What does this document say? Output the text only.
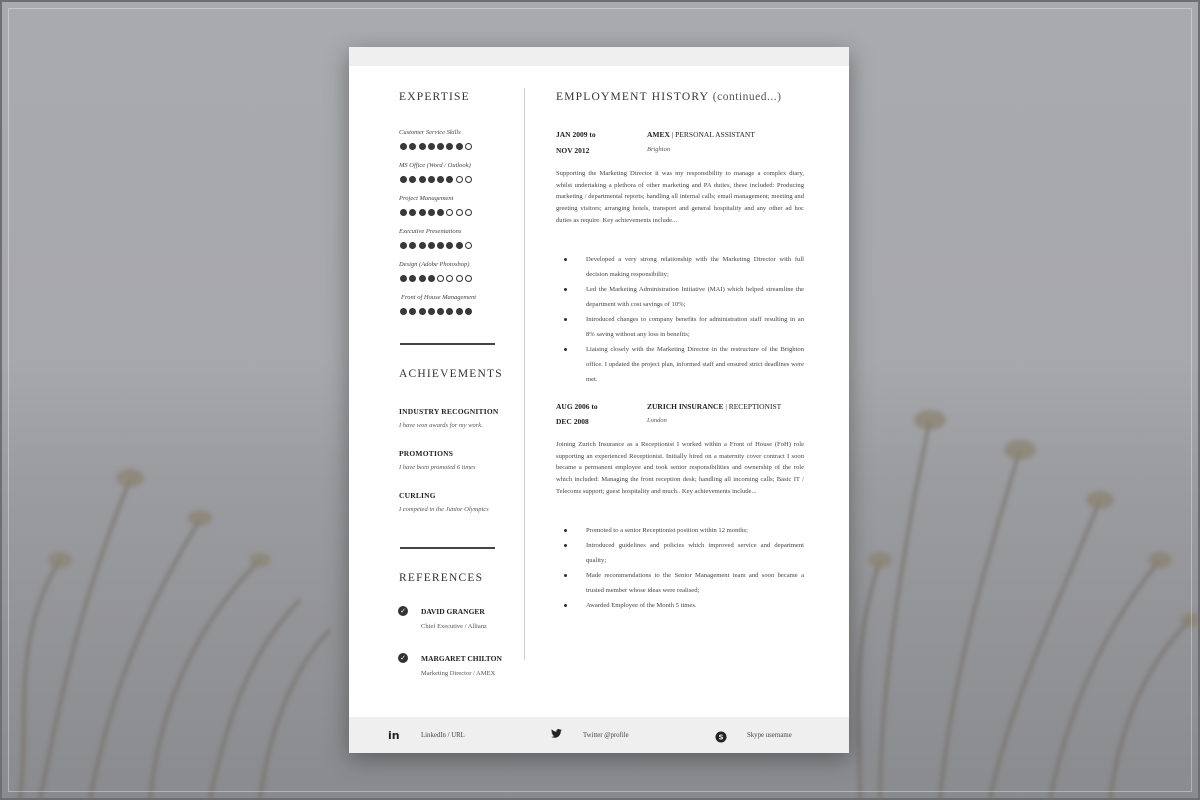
EXPERTISE
Customer Service Skills
MS Office (Word / Outlook)
Project Management
Executive Presentations
Design (Adobe Photoshop)
Front of House Management
ACHIEVEMENTS
INDUSTRY RECOGNITION
I have won awards for my work.
PROMOTIONS
I have been promoted 6 times
CURLING
I competed in the Junior Olympics
REFERENCES
✓ DAVID GRANGER
Chief Executive / Allianz
✓ MARGARET CHILTON
Marketing Director / AMEX
EMPLOYMENT HISTORY (continued...)
JAN 2009 to
NOV 2012
AMEX | PERSONAL ASSISTANT
Brighton

Supporting the Marketing Director it was my responsibility to manage a complex diary, whilst undertaking a plethora of other marketing and PA duties, these included: Producing marketing / departmental reports; handling all internal calls; email management; meeting and greeting visitors; arranging hotels, transport and general hospitality and any other ad hoc duties as require. Key achievements include...

Developed a very strong relationship with the Marketing Director with full decision making responsibility;
Led the Marketing Administration Initiative (MAI) which helped streamline the department with cost savings of 10%;
Introduced changes to company benefits for administration staff resulting in an 8% saving without any loss in benefits;
Liaising closely with the Marketing Director in the restructure of the Brighton office. I updated the project plan, informed staff and ensured strict deadlines were met.
AUG 2006 to
DEC 2008
ZURICH INSURANCE | RECEPTIONIST
London

Joining Zurich Insurance as a Receptionist I worked within a Front of House (FoH) role supporting an experienced Receptionist. Initially hired on a maternity cover contract I soon became a permanent employee and took senior responsibilities and ownership of the role which included: Managing the front reception desk; handling all incoming calls; Basic IT / Telecoms support; guest hospitality and much.. Key achievements include...

Promoted to a senior Receptionist position within 12 months;
Introduced guidelines and policies which improved service and department quality;
Made recommendations to the Senior Management team and soon became a trusted member whose ideas were realised;
Awarded Employee of the Month 5 times.
in	S
LinkedIn / URL	Twitter @profile	Skype username
